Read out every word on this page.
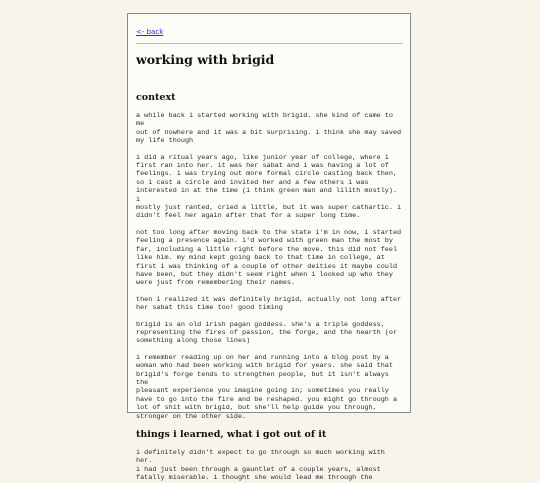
<- back
working with brigid
context

a while back i started working with brigid. she kind of came to me
out of nowhere and it was a bit surprising. i think she may saved
my life though

i did a ritual years ago, like junior year of college, where i
first ran into her. it was her sabat and i was having a lot of
feelings. i was trying out more formal circle casting back then,
so i cast a circle and invited her and a few others i was
interested in at the time (i think green man and lilith mostly). i
mostly just ranted, cried a little, but it was super cathartic. i
didn't feel her again after that for a super long time.

not too long after moving back to the state i'm in now, i started
feeling a presence again. i'd worked with green man the most by
far, including a little right before the move. this did not feel
like him. my mind kept going back to that time in college, at
first i was thinking of a couple of other deities it maybe could
have been, but they didn't seem right when i looked up who they
were just from remembering their names.

then i realized it was definitely brigid, actually not long after
her sabat this time too! good timing

brigid is an old irish pagan goddess. she's a triple goddess,
representing the fires of passion, the forge, and the hearth (or
something along those lines)

i remember reading up on her and running into a blog post by a
woman who had been working with brigid for years. she said that
brigid's forge tends to strengthen people, but it isn't always the
pleasant experience you imagine going in; sometimes you really
have to go into the fire and be reshaped. you might go through a
lot of shit with brigid, but she'll help guide you through,
stronger on the other side.

things i learned, what i got out of it

i definitely didn't expect to go through so much working with her.
i had just been through a gauntlet of a couple years, almost
fatally miserable. i thought she would lead me through the
